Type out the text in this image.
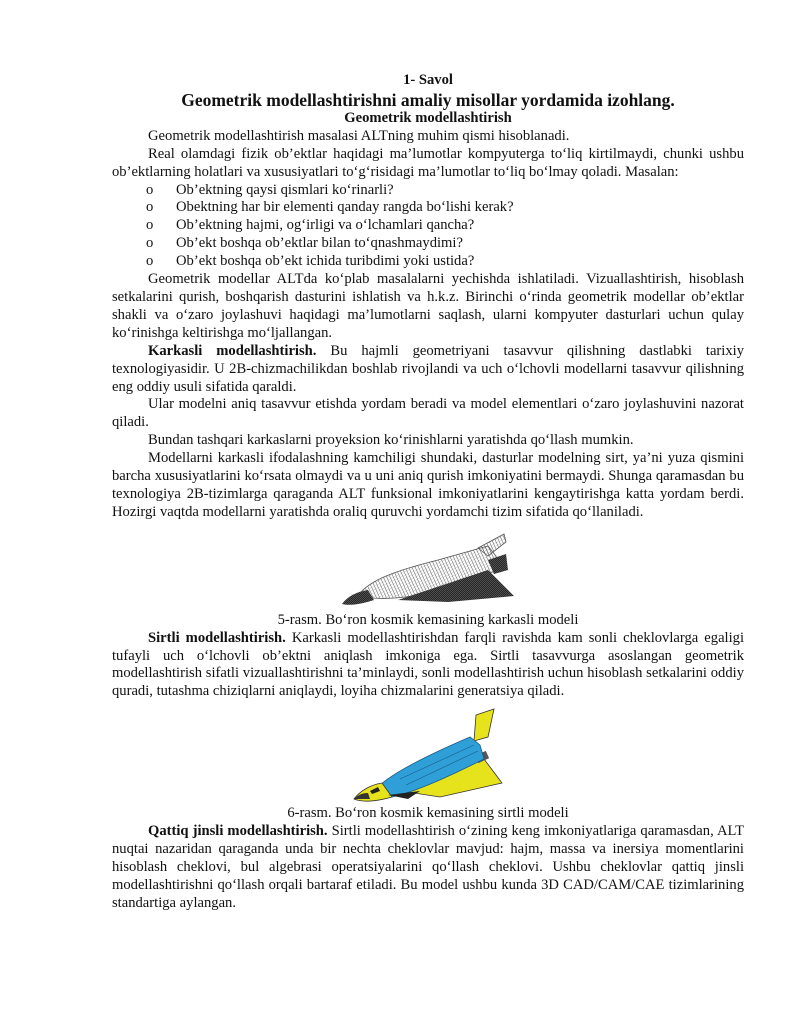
1- Savol
Geometrik modellashtirishni amaliy misollar yordamida izohlang.
Geometrik modellashtirish

Geometrik modellashtirish masalasi ALTning muhim qismi hisoblanadi.

Real olamdagi fizik ob’ektlar haqidagi ma’lumotlar kompyuterga to‘liq kirtilmaydi, chunki ushbu ob’ektlarning holatlari va xususiyatlari to‘g‘risidagi ma’lumotlar to‘liq bo‘lmay qoladi. Masalan:

o Ob’ektning qaysi qismlari ko‘rinarli?
o Obektning har bir elementi qanday rangda bo‘lishi kerak?
o Ob’ektning hajmi, og‘irligi va o‘lchamlari qancha?
o Ob’ekt boshqa ob’ektlar bilan to‘qnashmaydimi?
o Ob’ekt boshqa ob’ekt ichida turibdimi yoki ustida?

Geometrik modellar ALTda ko‘plab masalalarni yechishda ishlatiladi. Vizuallashtirish, hisoblash setkalarini qurish, boshqarish dasturini ishlatish va h.k.z. Birinchi o‘rinda geometrik modellar ob’ektlar shakli va o‘zaro joylashuvi haqidagi ma’lumotlarni saqlash, ularni kompyuter dasturlari uchun qulay ko‘rinishga keltirishga mo‘ljallangan.

Karkasli modellashtirish. Bu hajmli geometriyani tasavvur qilishning dastlabki tarixiy texnologiyasidir. U 2B-chizmachilikdan boshlab rivojlandi va uch o‘lchovli modellarni tasavvur qilishning eng oddiy usuli sifatida qaraldi.

Ular modelni aniq tasavvur etishda yordam beradi va model elementlari o‘zaro joylashuvini nazorat qiladi.

Bundan tashqari karkaslarni proyeksion ko‘rinishlarni yaratishda qo‘llash mumkin.

Modellarni karkasli ifodalashning kamchiligi shundaki, dasturlar modelning sirt, ya’ni yuza qismini barcha xususiyatlarini ko‘rsata olmaydi va u uni aniq qurish imkoniyatini bermaydi. Shunga qaramasdan bu texnologiya 2B-tizimlarga qaraganda ALT funksional imkoniyatlarini kengaytirishga katta yordam berdi. Hozirgi vaqtda modellarni yaratishda oraliq quruvchi yordamchi tizim sifatida qo‘llaniladi.

5-rasm. Bo‘ron kosmik kemasining karkasli modeli

Sirtli modellashtirish. Karkasli modellashtirishdan farqli ravishda kam sonli cheklovlarga egaligi tufayli uch o‘lchovli ob’ektni aniqlash imkoniga ega. Sirtli tasavvurga asoslangan geometrik modellashtirish sifatli vizuallashtirishni ta’minlaydi, sonli modellashtirish uchun hisoblash setkalarini oddiy quradi, tutashma chiziqlarni aniqlaydi, loyiha chizmalarini generatsiya qiladi.

6-rasm. Bo‘ron kosmik kemasining sirtli modeli

Qattiq jinsli modellashtirish. Sirtli modellashtirish o‘zining keng imkoniyatlariga qaramasdan, ALT nuqtai nazaridan qaraganda unda bir nechta cheklovlar mavjud: hajm, massa va inersiya momentlarini hisoblash cheklovi, bul algebrasi operatsiyalarini qo‘llash cheklovi. Ushbu cheklovlar qattiq jinsli modellashtirishni qo‘llash orqali bartaraf etiladi. Bu model ushbu kunda 3D CAD/CAM/CAE tizimlarining standartiga aylangan.
